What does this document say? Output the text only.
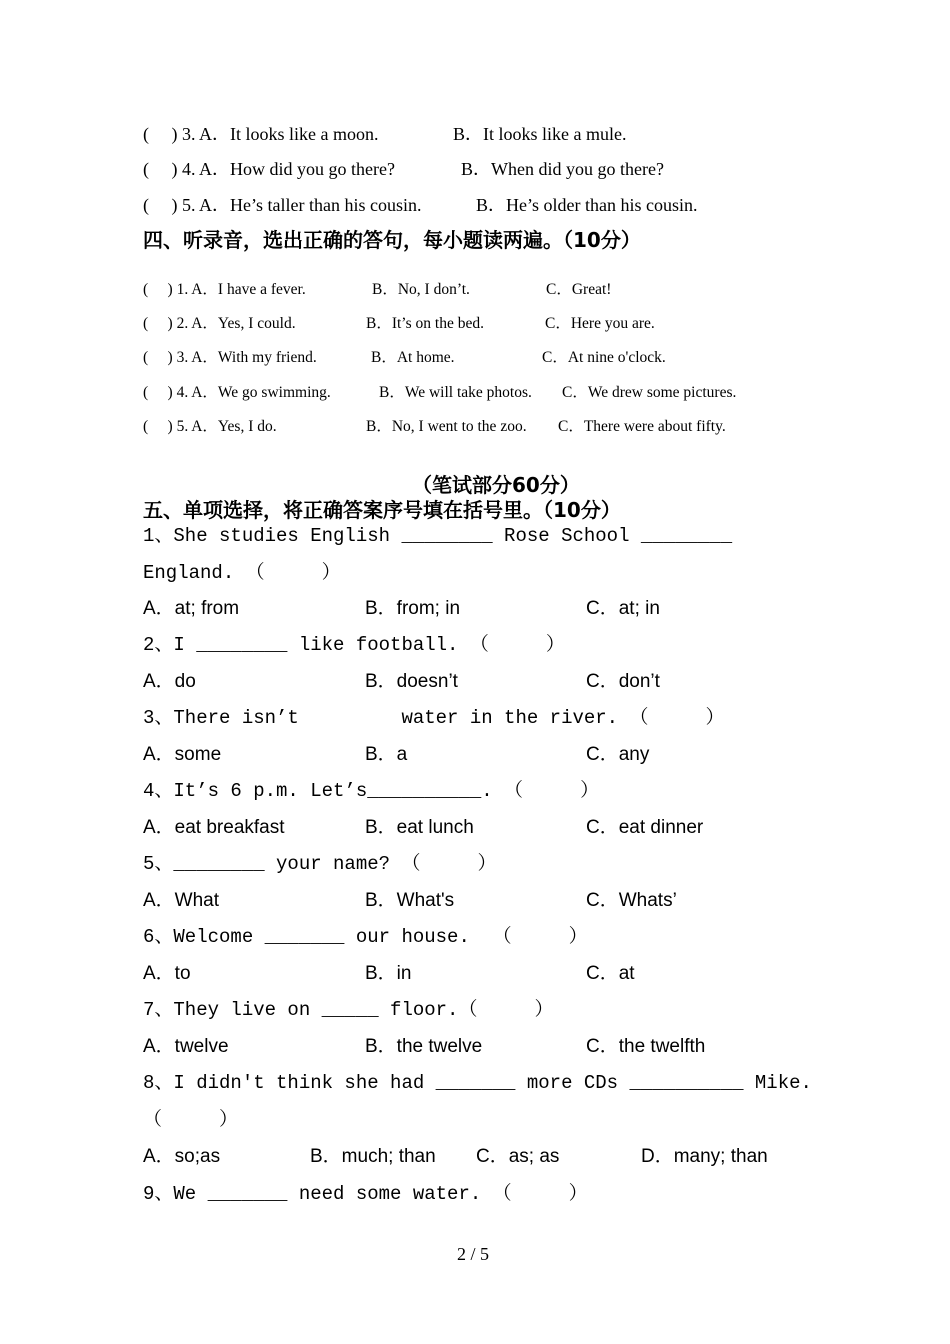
(     ) 3. A．It looks like a moon.	B．It looks like a mule.
(     ) 4. A．How did you go there?	B．When did you go there?
(     ) 5. A．He’s taller than his cousin.	B．He’s older than his cousin.
四、听录音，选出正确的答句，每小题读两遍。（10分）
(     ) 1. A．I have a fever.	B．No, I don’t.	C．Great!
(     ) 2. A．Yes, I could.	B．It’s on the bed.	C．Here you are.
(     ) 3. A．With my friend.	B．At home.	C．At nine o'clock.
(     ) 4. A．We go swimming.	B．We will take photos. C．We drew some pictures.
(     ) 5. A．Yes, I do.	B．No, I went to the zoo. C．There were about fifty.
（笔试部分60分）
五、单项选择，将正确答案序号填在括号里。（10分）
1、She studies English ________ Rose School ________
England. （     ）
A．at; from	B．from; in	C．at; in
2、I ________ like football. （     ）
A．do	B．doesn’t	C．don’t
3、There isn’t         water in the river. （     ）
A．some	B．a	C．any
4、It’s 6 p.m. Let’s__________. （     ）
A．eat breakfast	B．eat lunch	C．eat dinner
5、________ your name? （     ）
A．What	B．What's	C．Whats’
6、Welcome _______ our house.  （     ）
A．to	B．in	C．at
7、They live on _____ floor.（     ）
A．twelve	B．the twelve	C．the twelfth
8、I didn't think she had _______ more CDs __________ Mike.
（     ）
A．so;as	B．much; than C．as; as	D．many; than
9、We _______ need some water. （     ）
2 / 5
